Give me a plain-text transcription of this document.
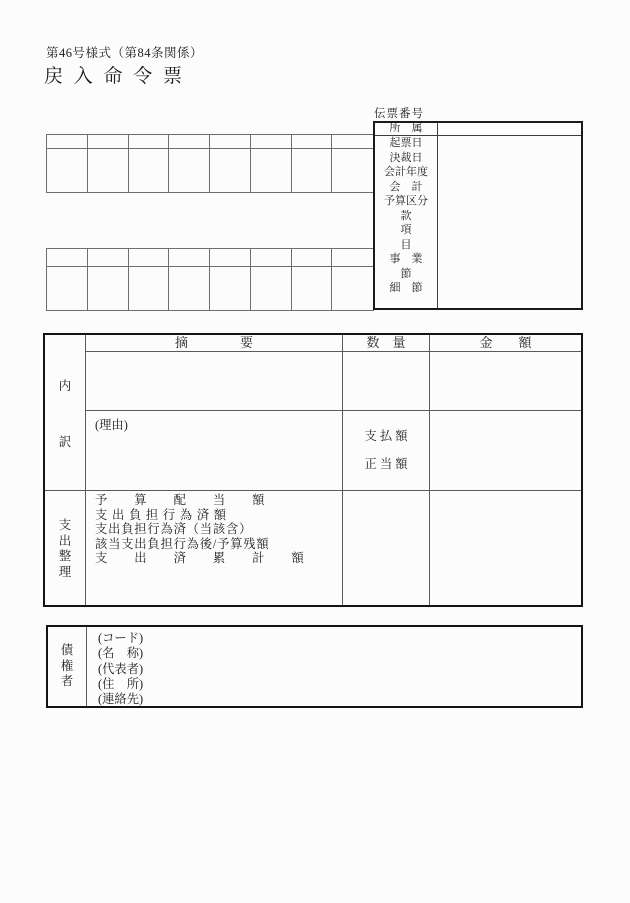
第46号様式（第84条関係）
戻 入 命 令 票
伝票番号
所　属
起票日
決裁日
会計年度
会　計
予算区分
款
項
目
事　業
節
細　節
摘　　　　要	数　量	金　　額
内
訳
(理由)
支 払 額
正 当 額
支
出
整
理
予　　算　　配　　当　　額
支 出 負 担 行 為 済 額
支出負担行為済（当該含）
該当支出負担行為後/予算残額
支　　出　　済　　累　　計　　額
債
権
者
(コード)
(名　称)
(代表者)
(住　所)
(連絡先)
